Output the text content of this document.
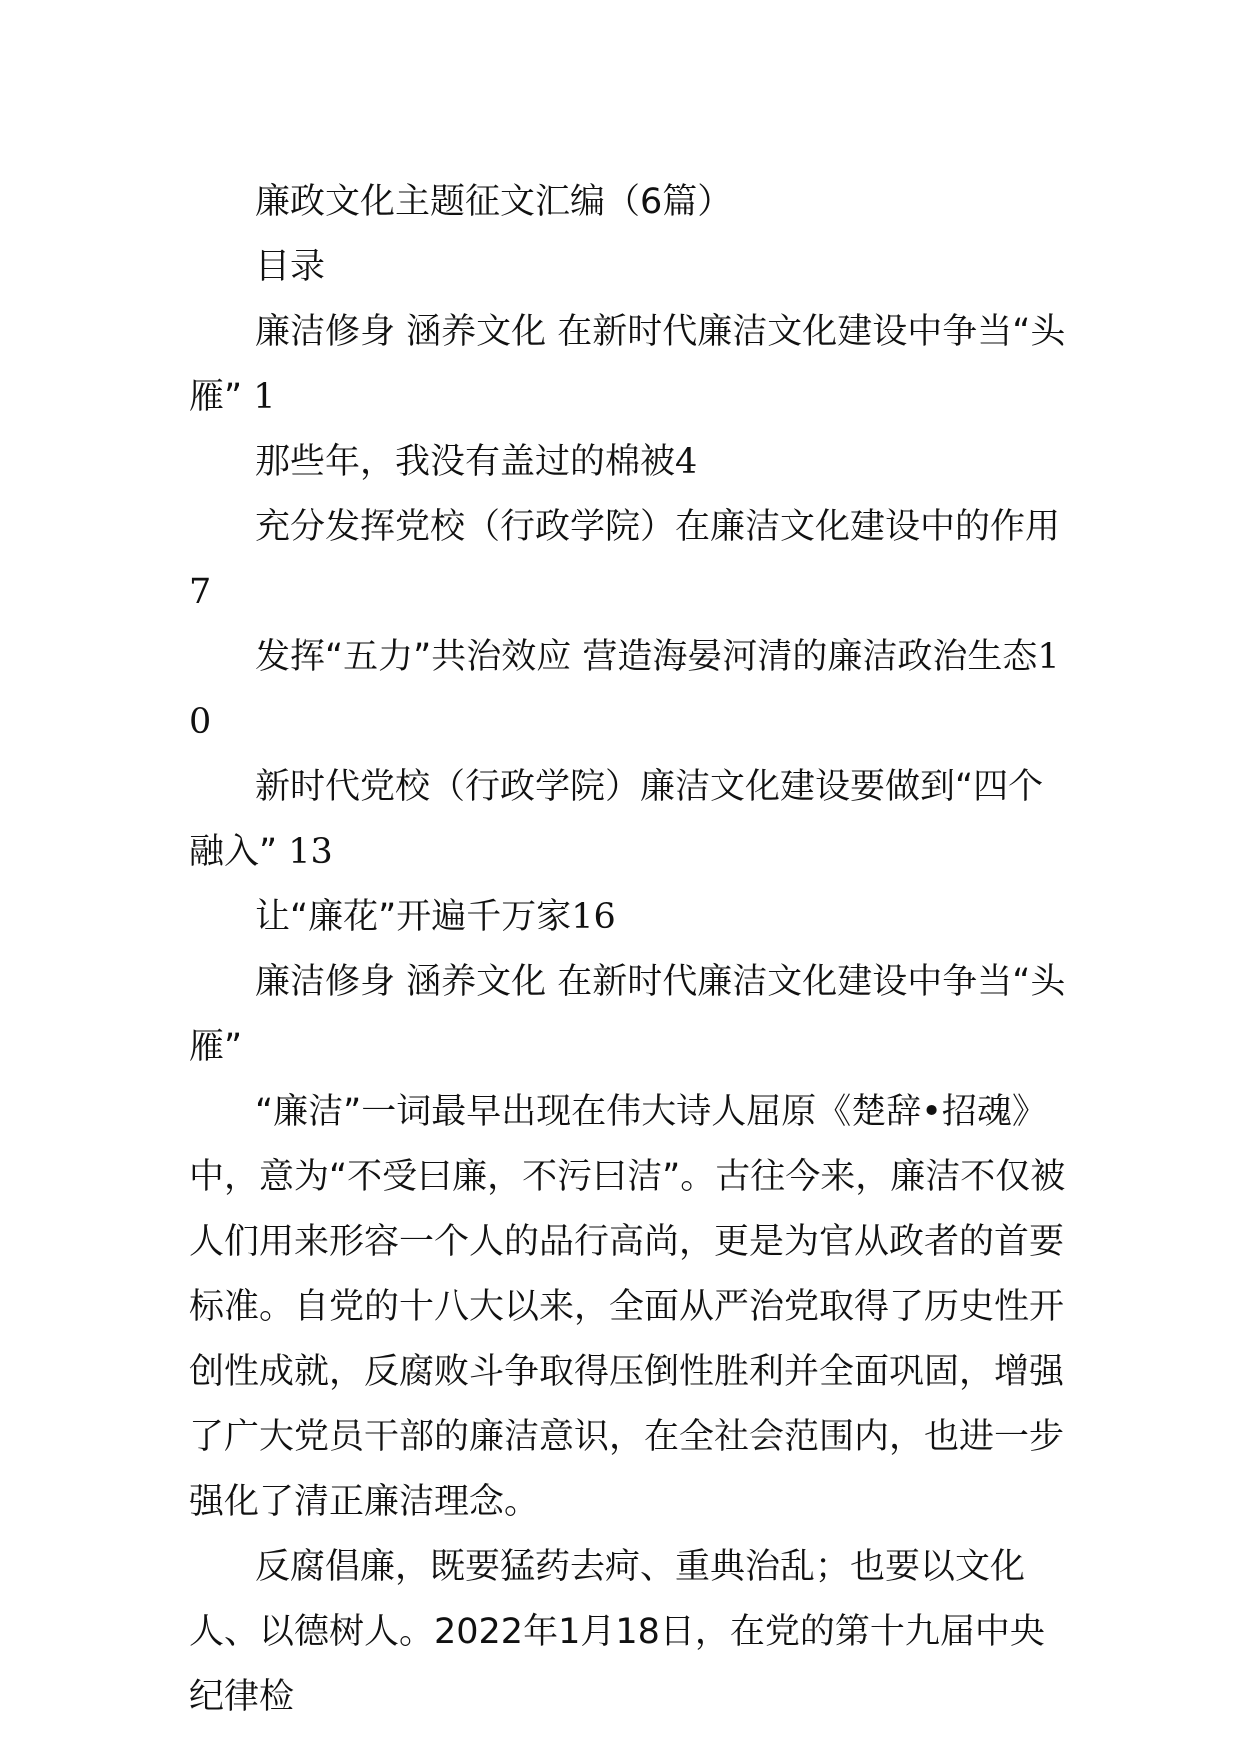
廉政文化主题征文汇编（6篇）

目录

廉洁修身 涵养文化 在新时代廉洁文化建设中争当“头雁” 1

那些年，我没有盖过的棉被4

充分发挥党校（行政学院）在廉洁文化建设中的作用7

发挥“五力”共治效应 营造海晏河清的廉洁政治生态10

新时代党校（行政学院）廉洁文化建设要做到“四个融入” 13

让“廉花”开遍千万家16

廉洁修身 涵养文化 在新时代廉洁文化建设中争当“头雁”

“廉洁”一词最早出现在伟大诗人屈原《楚辞•招魂》中，意为“不受曰廉，不污曰洁”。古往今来，廉洁不仅被人们用来形容一个人的品行高尚，更是为官从政者的首要标准。自党的十八大以来，全面从严治党取得了历史性开创性成就，反腐败斗争取得压倒性胜利并全面巩固，增强了广大党员干部的廉洁意识，在全社会范围内，也进一步强化了清正廉洁理念。

反腐倡廉，既要猛药去疴、重典治乱；也要以文化人、以德树人。2022年1月18日，在党的第十九届中央纪律检
